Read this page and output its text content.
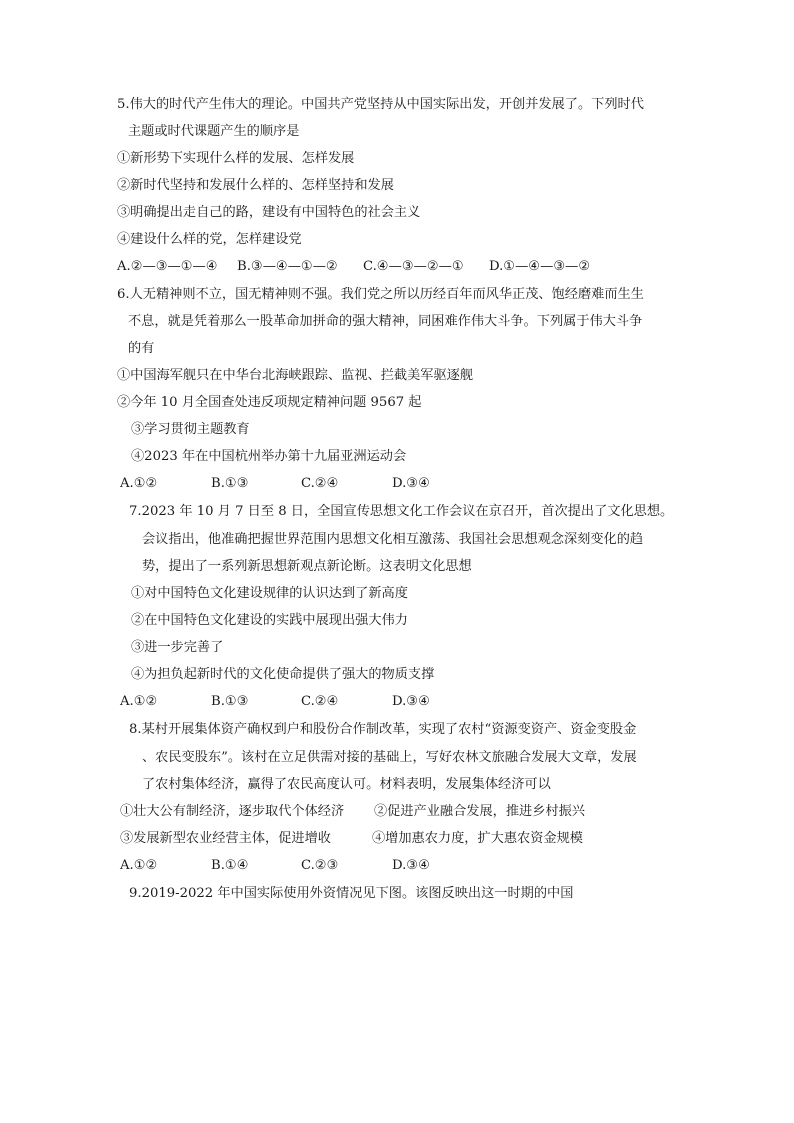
5.伟大的时代产生伟大的理论。中国共产党坚持从中国实际出发，开创并发展了。下列时代
主题或时代课题产生的顺序是
①新形势下实现什么样的发展、怎样发展
②新时代坚持和发展什么样的、怎样坚持和发展
③明确提出走自己的路，建设有中国特色的社会主义
④建设什么样的党，怎样建设党
A.②—③—①—④ B.③—④—①—② C.④—③—②—① D.①—④—③—②
6.人无精神则不立，国无精神则不强。我们党之所以历经百年而风华正茂、饱经磨难而生生
不息，就是凭着那么一股革命加拼命的强大精神，同困难作伟大斗争。下列属于伟大斗争
的有
①中国海军舰只在中华台北海峡跟踪、监视、拦截美军驱逐舰
②今年 10 月全国查处违反项规定精神问题 9567 起
③学习贯彻主题教育
④2023 年在中国杭州举办第十九届亚洲运动会
A.①②	B.①③	C.②④	D.③④
7.2023 年 10 月 7 日至 8 日，全国宣传思想文化工作会议在京召开，首次提出了文化思想。
会议指出，他准确把握世界范围内思想文化相互激荡、我国社会思想观念深刻变化的趋
势，提出了一系列新思想新观点新论断。这表明文化思想
①对中国特色文化建设规律的认识达到了新高度
②在中国特色文化建设的实践中展现出强大伟力
③进一步完善了
④为担负起新时代的文化使命提供了强大的物质支撑
A.①②	B.①③	C.②④	D.③④
8.某村开展集体资产确权到户和股份合作制改革，实现了农村“资源变资产、资金变股金
、农民变股东”。该村在立足供需对接的基础上，写好农林文旅融合发展大文章，发展
了农村集体经济，赢得了农民高度认可。材料表明，发展集体经济可以
①壮大公有制经济，逐步取代个体经济 ②促进产业融合发展，推进乡村振兴
③发展新型农业经营主体，促进增收	④增加惠农力度，扩大惠农资金规模
A.①②	B.①④	C.②③	D.③④
9.2019-2022 年中国实际使用外资情况见下图。该图反映出这一时期的中国
